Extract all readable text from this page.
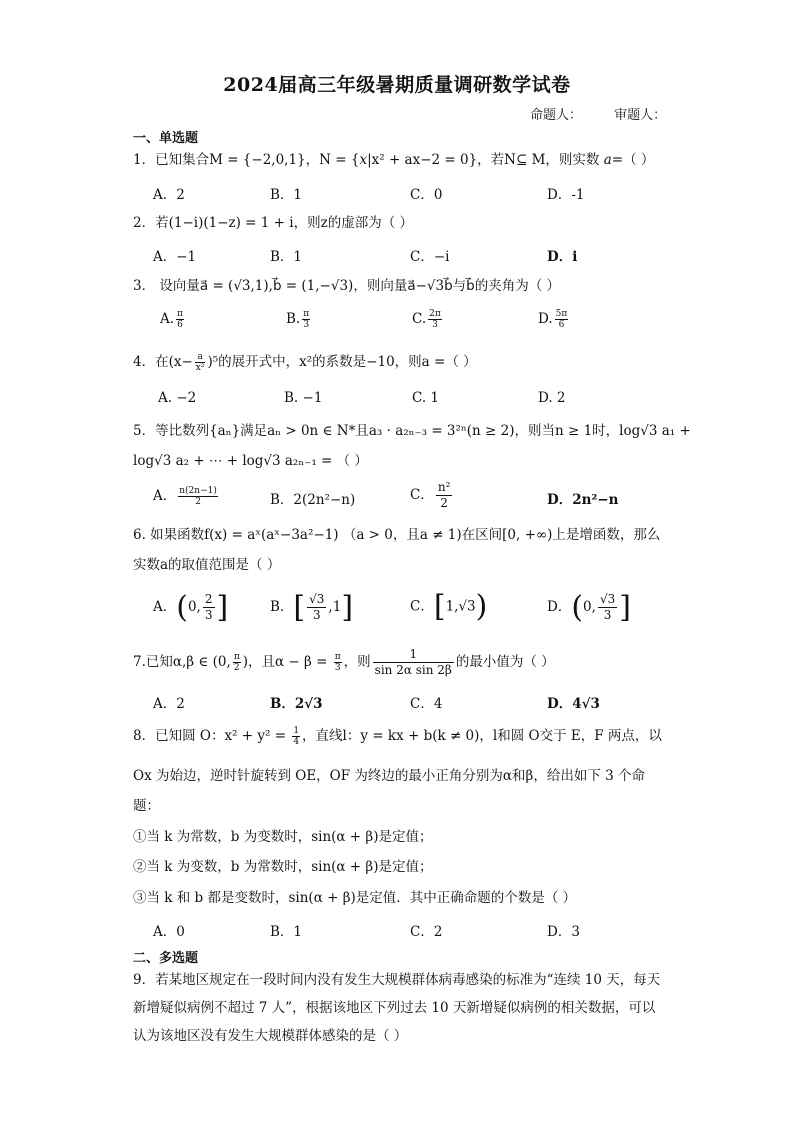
2024届高三年级暑期质量调研数学试卷
命题人： 审题人：
一、单选题
1．已知集合M = {−2,0,1}，N = {x|x² + ax−2 = 0}，若N⊆ M，则实数 a=（ ）
A．2	B．1	C．0	D．-1
2．若(1−i)(1−z) = 1 + i，则z的虚部为（ ）
A．−1	B．1	C．−i	D．i
3． 设向量a⃗ = (√3,1),b⃗ = (1,−√3)，则向量a⃗−√3b⃗与b⃗的夹角为（ ）
A. $\frac{\pi}{6}$	B. $\frac{\pi}{3}$	C. $\frac{2\pi}{3}$	D. $\frac{5\pi}{6}$
4．在$(x- \frac{a}{\text{x²}} )^5$的展开式中，x²的系数是−10，则a =（ ）
A. −2	B. −1	C. 1	D. 2
5．等比数列{aₙ}满足aₙ > 0n ∈ N*且a₃ · a₂ₙ₋₃ = 3²ⁿ(n ≥ 2)，则当n ≥ 1时，log√3 a₁ +
log√3 a₂ + ⋯ + log√3 a₂ₙ₋₁ = （ ）
A． $\frac{n(2n-1)}{2}$	B．2(2n²−n)	C． $\frac{\text{n²}}{2}$	D．2n²−n
6. 如果函数f(x) = aˣ(aˣ−3a²−1) （a > 0，且a ≠ 1)在区间[0, +∞)上是增函数，那么
实数a的取值范围是（ ）
A．(0, $\frac{2}{3}$ ]	B．[ $\frac{√3}{3} ,1$]	C．[1,√3)	D．(0, $\frac{√3}{3}$ ]
7.已知α,β ∈ (0, $\frac{\pi}{2}$ )，且$\alpha - \beta = \frac{\pi}{3}$ ，则 $\frac{1}{\text{sin 2α sin 2β}}$ 的最小值为（ ）
A．2	B．2√3	C．4	D．4√3
8．已知圆 O：$x^2 + y^2 = \frac{1}{4}$ ，直线l：y = kx + b(k ≠ 0)，l和圆 O交于 E，F 两点，以
Ox 为始边，逆时针旋转到 OE，OF 为终边的最小正角分别为α和β，给出如下 3 个命
题：
①当 k 为常数，b 为变数时，sin(α + β)是定值；
②当 k 为变数，b 为常数时，sin(α + β)是定值；
③当 k 和 b 都是变数时，sin(α + β)是定值．其中正确命题的个数是（ ）
A．0	B．1	C．2	D．3
二、多选题
9．若某地区规定在一段时间内没有发生大规模群体病毒感染的标准为“连续 10 天，每天新增疑似病例不超过 7 人”，根据该地区下列过去 10 天新增疑似病例的相关数据，可以认为该地区没有发生大规模群体感染的是（ ）
